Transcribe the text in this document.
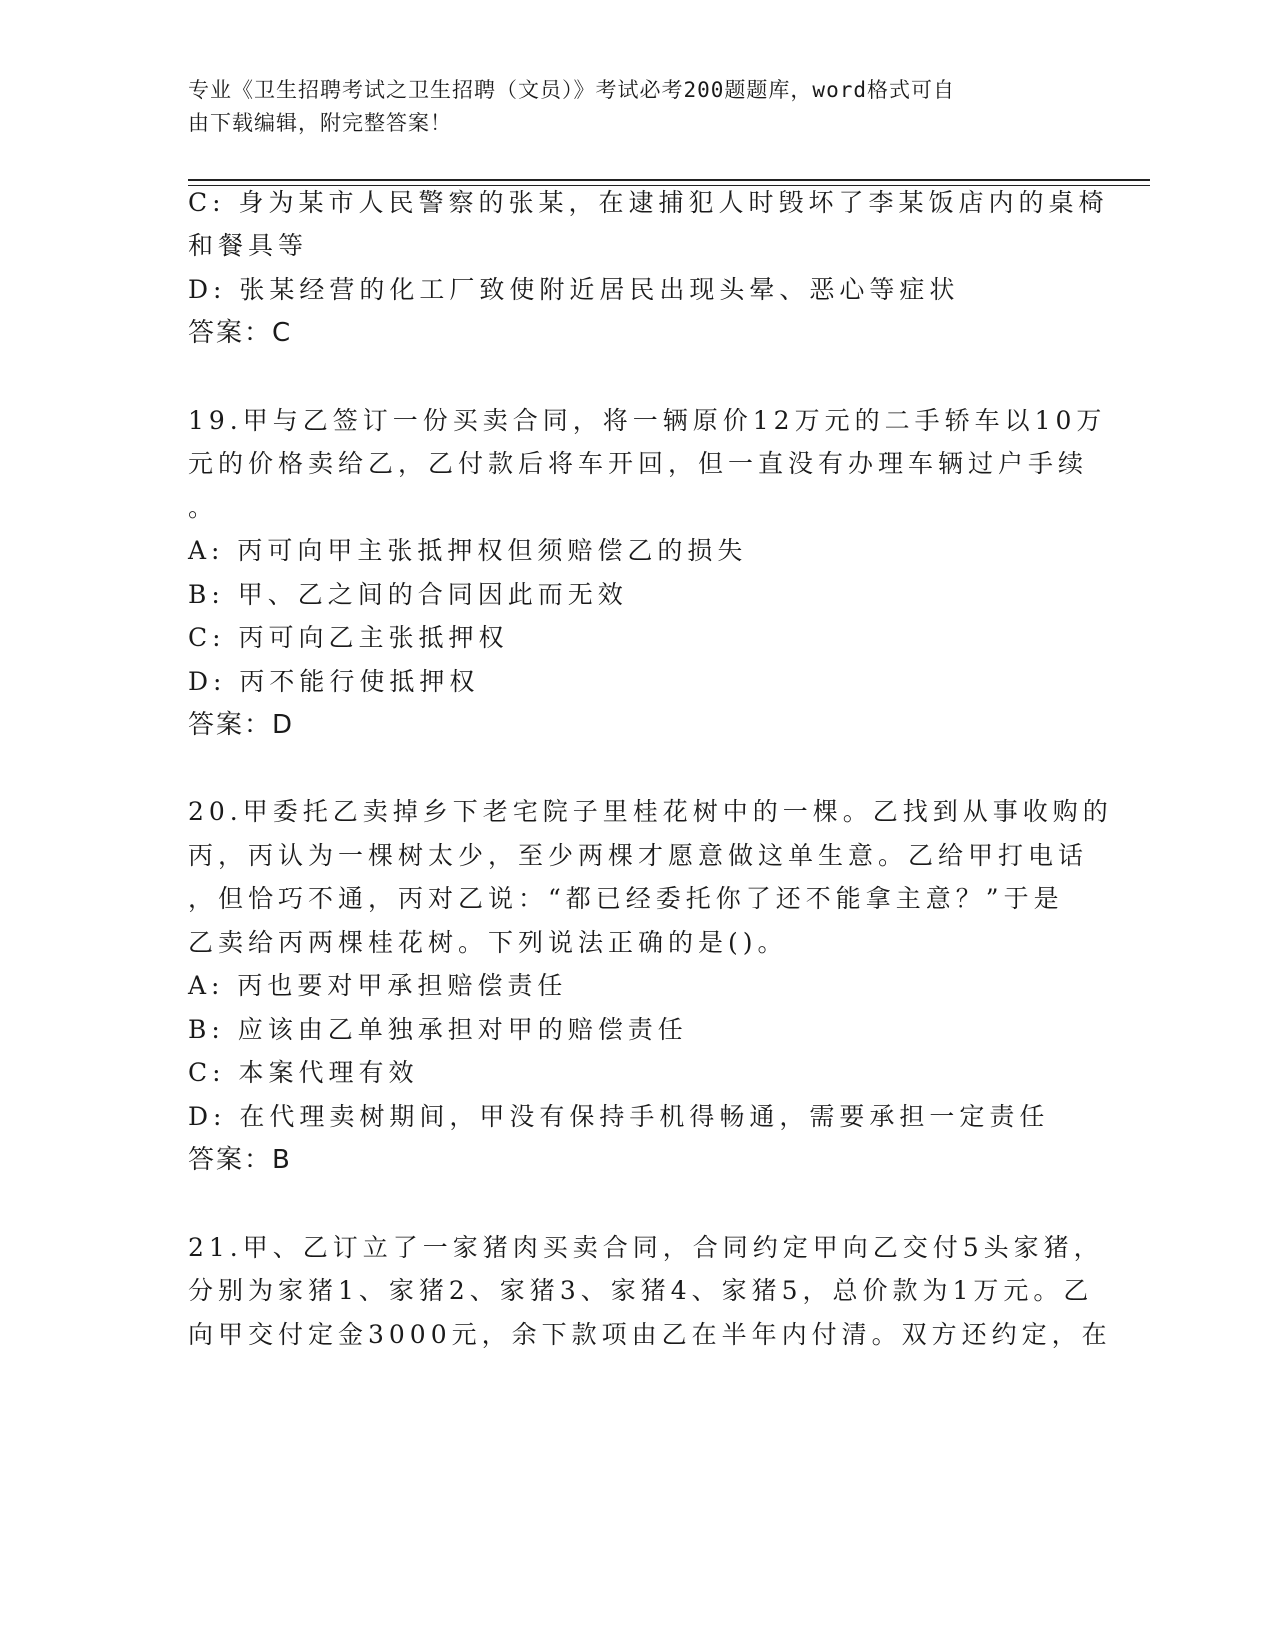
专业《卫生招聘考试之卫生招聘（文员）》考试必考200题题库，word格式可自
由下载编辑，附完整答案！
C: 身为某市人民警察的张某，在逮捕犯人时毁坏了李某饭店内的桌椅
和餐具等
D: 张某经营的化工厂致使附近居民出现头晕、恶心等症状
答案：C
19.甲与乙签订一份买卖合同，将一辆原价12万元的二手轿车以10万
元的价格卖给乙，乙付款后将车开回，但一直没有办理车辆过户手续
。
A: 丙可向甲主张抵押权但须赔偿乙的损失
B: 甲、乙之间的合同因此而无效
C: 丙可向乙主张抵押权
D: 丙不能行使抵押权
答案：D
20.甲委托乙卖掉乡下老宅院子里桂花树中的一棵。乙找到从事收购的
丙，丙认为一棵树太少，至少两棵才愿意做这单生意。乙给甲打电话
，但恰巧不通，丙对乙说：“都已经委托你了还不能拿主意？”于是
乙卖给丙两棵桂花树。下列说法正确的是()。
A: 丙也要对甲承担赔偿责任
B: 应该由乙单独承担对甲的赔偿责任
C: 本案代理有效
D: 在代理卖树期间，甲没有保持手机得畅通，需要承担一定责任
答案：B
21.甲、乙订立了一家猪肉买卖合同，合同约定甲向乙交付5头家猪，
分别为家猪1、家猪2、家猪3、家猪4、家猪5，总价款为1万元。乙
向甲交付定金3000元，余下款项由乙在半年内付清。双方还约定，在
